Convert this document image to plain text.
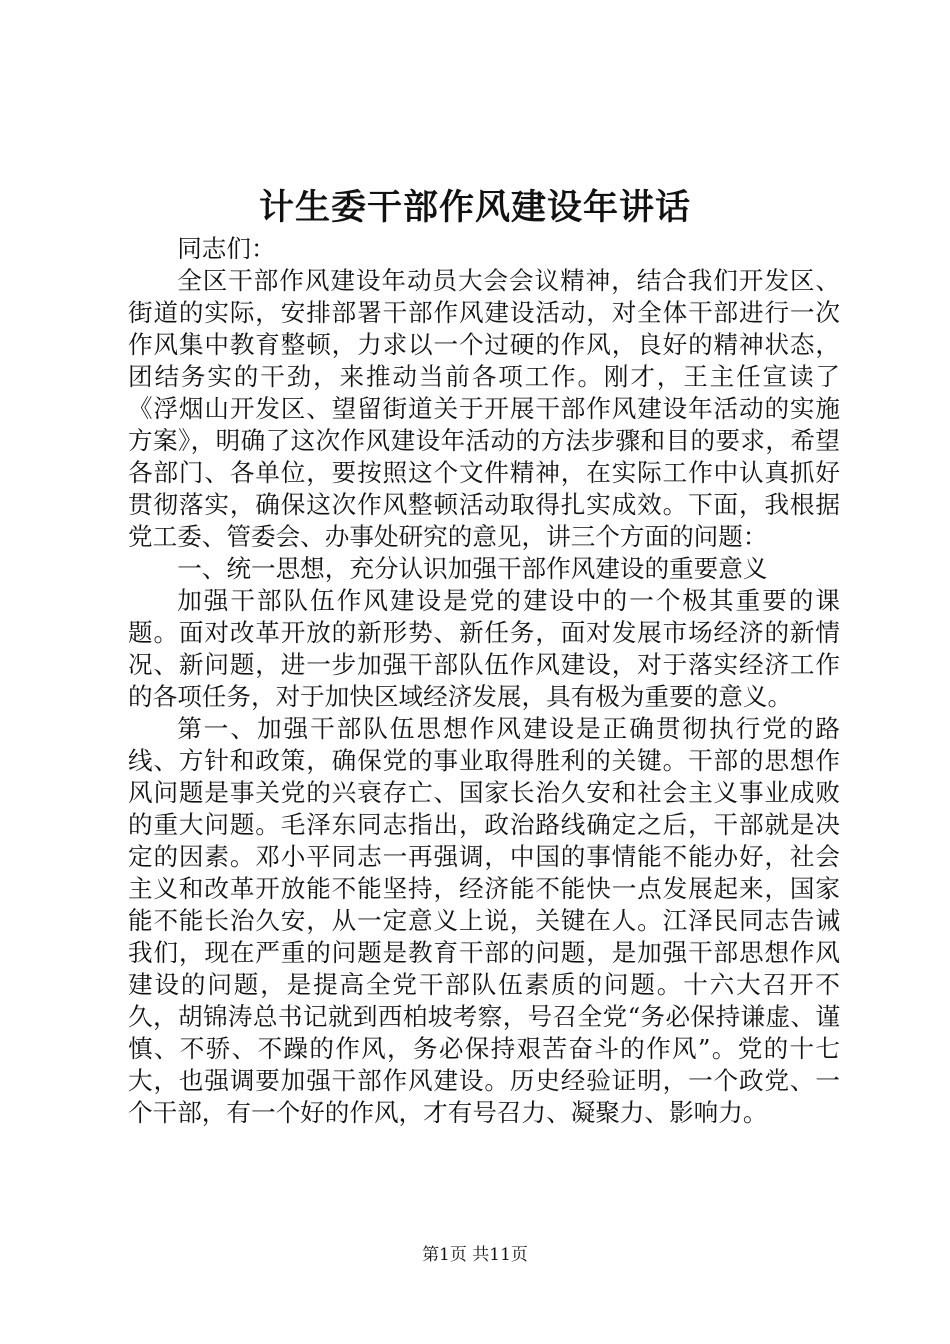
计生委干部作风建设年讲话

同志们：

全区干部作风建设年动员大会会议精神，结合我们开发区、街道的实际，安排部署干部作风建设活动，对全体干部进行一次作风集中教育整顿，力求以一个过硬的作风，良好的精神状态，团结务实的干劲，来推动当前各项工作。刚才，王主任宣读了《浮烟山开发区、望留街道关于开展干部作风建设年活动的实施方案》，明确了这次作风建设年活动的方法步骤和目的要求，希望各部门、各单位，要按照这个文件精神，在实际工作中认真抓好贯彻落实，确保这次作风整顿活动取得扎实成效。下面，我根据党工委、管委会、办事处研究的意见，讲三个方面的问题：

一、统一思想，充分认识加强干部作风建设的重要意义

加强干部队伍作风建设是党的建设中的一个极其重要的课题。面对改革开放的新形势、新任务，面对发展市场经济的新情况、新问题，进一步加强干部队伍作风建设，对于落实经济工作的各项任务，对于加快区域经济发展，具有极为重要的意义。

第一、加强干部队伍思想作风建设是正确贯彻执行党的路线、方针和政策，确保党的事业取得胜利的关键。干部的思想作风问题是事关党的兴衰存亡、国家长治久安和社会主义事业成败的重大问题。毛泽东同志指出，政治路线确定之后，干部就是决定的因素。邓小平同志一再强调，中国的事情能不能办好，社会主义和改革开放能不能坚持，经济能不能快一点发展起来，国家能不能长治久安，从一定意义上说，关键在人。江泽民同志告诫我们，现在严重的问题是教育干部的问题，是加强干部思想作风建设的问题，是提高全党干部队伍素质的问题。十六大召开不久，胡锦涛总书记就到西柏坡考察，号召全党“务必保持谦虚、谨慎、不骄、不躁的作风，务必保持艰苦奋斗的作风”。党的十七大，也强调要加强干部作风建设。历史经验证明，一个政党、一个干部，有一个好的作风，才有号召力、凝聚力、影响力。

第1页 共11页
